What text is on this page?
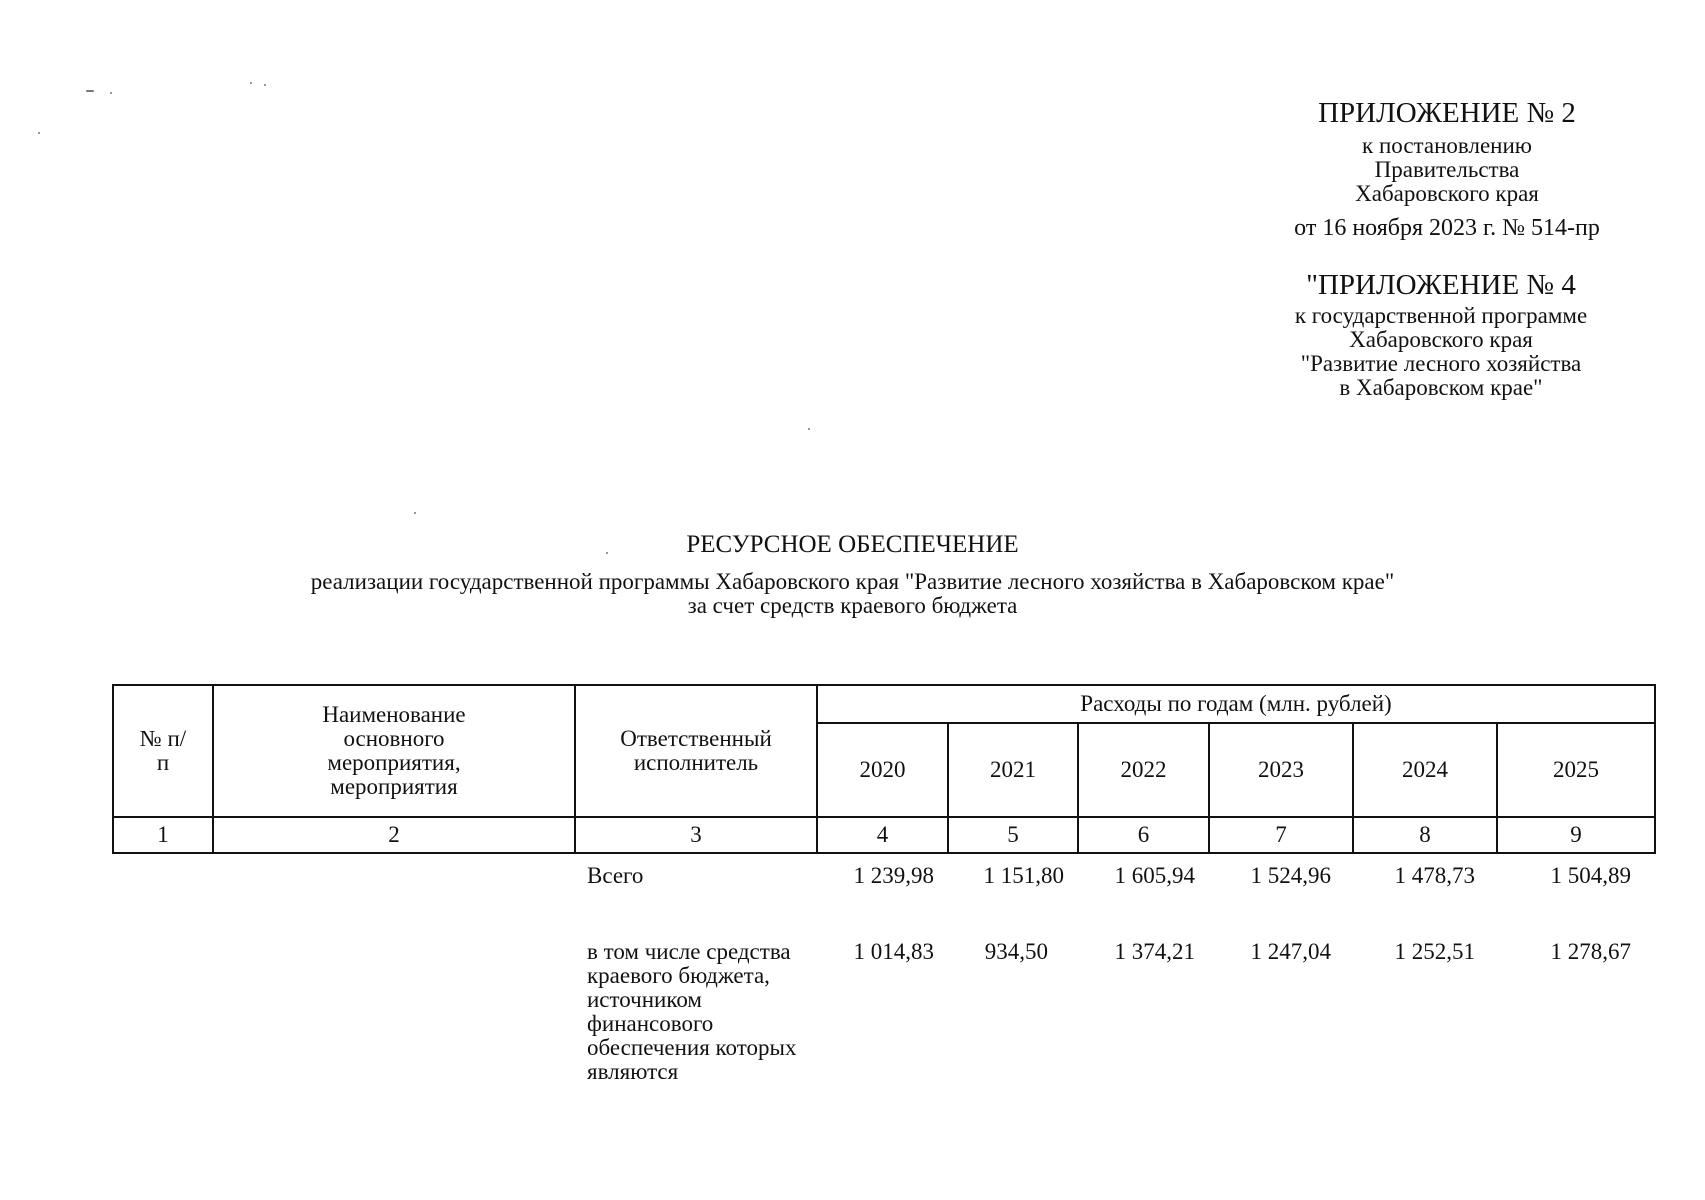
ПРИЛОЖЕНИЕ № 2
к постановлению
Правительства
Хабаровского края
от 16 ноября 2023 г. № 514-пр
"ПРИЛОЖЕНИЕ № 4
к государственной программе
Хабаровского края
"Развитие лесного хозяйства
в Хабаровском крае"
РЕСУРСНОЕ ОБЕСПЕЧЕНИЕ
реализации государственной программы Хабаровского края "Развитие лесного хозяйства в Хабаровском крае"
за счет средств краевого бюджета
№ п/п	Наименование основного мероприятия, мероприятия	Ответственный исполнитель	Расходы по годам (млн. рублей)					
			2020	2021	2022	2023	2024	2025
1	2	3	4	5	6	7	8	9
		Всего	1 239,98	1 151,80	1 605,94	1 524,96	1 478,73	1 504,89
		в том числе средства краевого бюджета, источником финансового обеспечения которых являются	1 014,83	934,50	1 374,21	1 247,04	1 252,51	1 278,67
